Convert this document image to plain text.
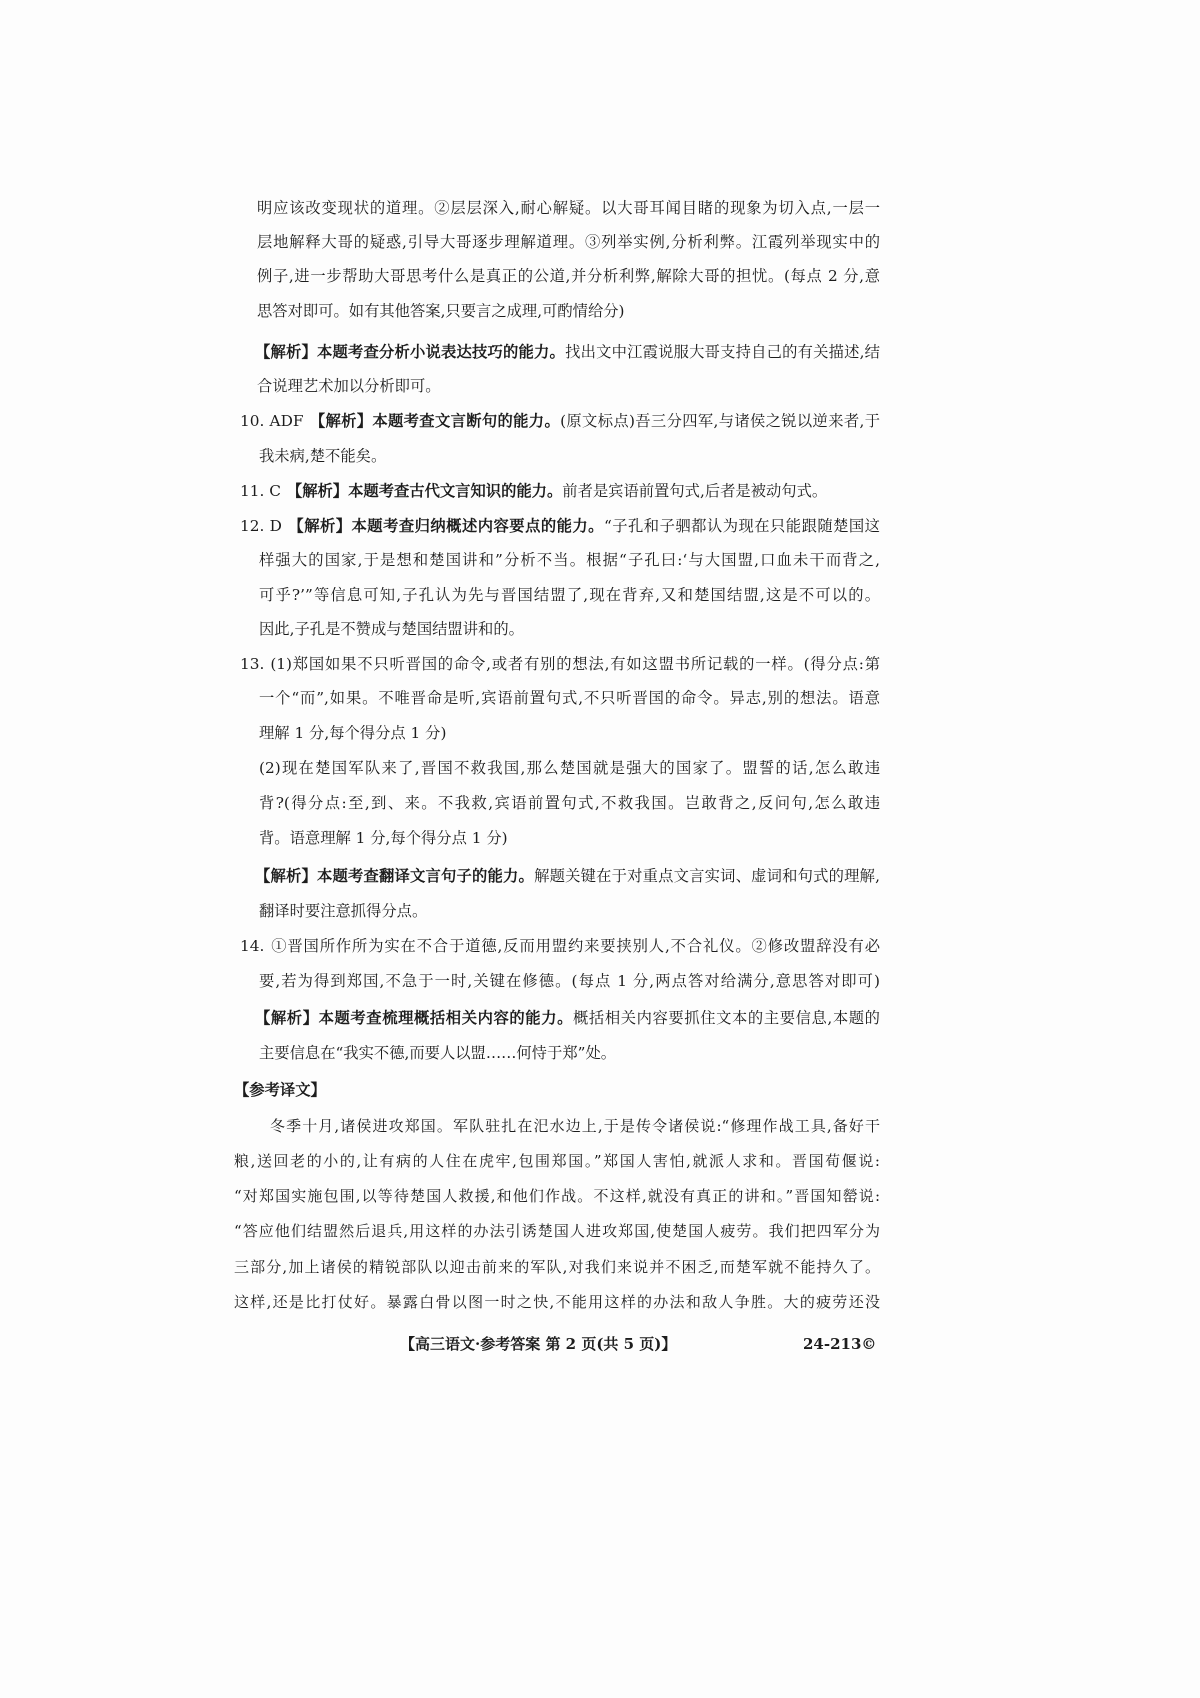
明应该改变现状的道理。②层层深入,耐心解疑。以大哥耳闻目睹的现象为切入点,一层一
层地解释大哥的疑惑,引导大哥逐步理解道理。③列举实例,分析利弊。江霞列举现实中的
例子,进一步帮助大哥思考什么是真正的公道,并分析利弊,解除大哥的担忧。(每点 2 分,意
思答对即可。如有其他答案,只要言之成理,可酌情给分)
【解析】本题考查分析小说表达技巧的能力。找出文中江霞说服大哥支持自己的有关描述,结
合说理艺术加以分析即可。
10. ADF 【解析】本题考查文言断句的能力。(原文标点)吾三分四军,与诸侯之锐以逆来者,于
我未病,楚不能矣。
11. C 【解析】本题考查古代文言知识的能力。前者是宾语前置句式,后者是被动句式。
12. D 【解析】本题考查归纳概述内容要点的能力。“子孔和子驷都认为现在只能跟随楚国这
样强大的国家,于是想和楚国讲和”分析不当。根据“子孔曰:‘与大国盟,口血未干而背之,
可乎?’”等信息可知,子孔认为先与晋国结盟了,现在背弃,又和楚国结盟,这是不可以的。
因此,子孔是不赞成与楚国结盟讲和的。
13. (1)郑国如果不只听晋国的命令,或者有别的想法,有如这盟书所记载的一样。(得分点:第
一个“而”,如果。不唯晋命是听,宾语前置句式,不只听晋国的命令。异志,别的想法。语意
理解 1 分,每个得分点 1 分)
(2)现在楚国军队来了,晋国不救我国,那么楚国就是强大的国家了。盟誓的话,怎么敢违
背?(得分点:至,到、来。不我救,宾语前置句式,不救我国。岂敢背之,反问句,怎么敢违
背。语意理解 1 分,每个得分点 1 分)
【解析】本题考查翻译文言句子的能力。解题关键在于对重点文言实词、虚词和句式的理解,
翻译时要注意抓得分点。
14. ①晋国所作所为实在不合于道德,反而用盟约来要挟别人,不合礼仪。②修改盟辞没有必
要,若为得到郑国,不急于一时,关键在修德。(每点 1 分,两点答对给满分,意思答对即可)
【解析】本题考查梳理概括相关内容的能力。概括相关内容要抓住文本的主要信息,本题的
主要信息在“我实不德,而要人以盟……何恃于郑”处。
【参考译文】
冬季十月,诸侯进攻郑国。军队驻扎在汜水边上,于是传令诸侯说:“修理作战工具,备好干
粮,送回老的小的,让有病的人住在虎牢,包围郑国。”郑国人害怕,就派人求和。晋国荀偃说:
“对郑国实施包围,以等待楚国人救援,和他们作战。不这样,就没有真正的讲和。”晋国知罃说:
“答应他们结盟然后退兵,用这样的办法引诱楚国人进攻郑国,使楚国人疲劳。我们把四军分为
三部分,加上诸侯的精锐部队以迎击前来的军队,对我们来说并不困乏,而楚军就不能持久了。
这样,还是比打仗好。暴露白骨以图一时之快,不能用这样的办法和敌人争胜。大的疲劳还没
【高三语文·参考答案 第 2 页(共 5 页)】	24-213©
